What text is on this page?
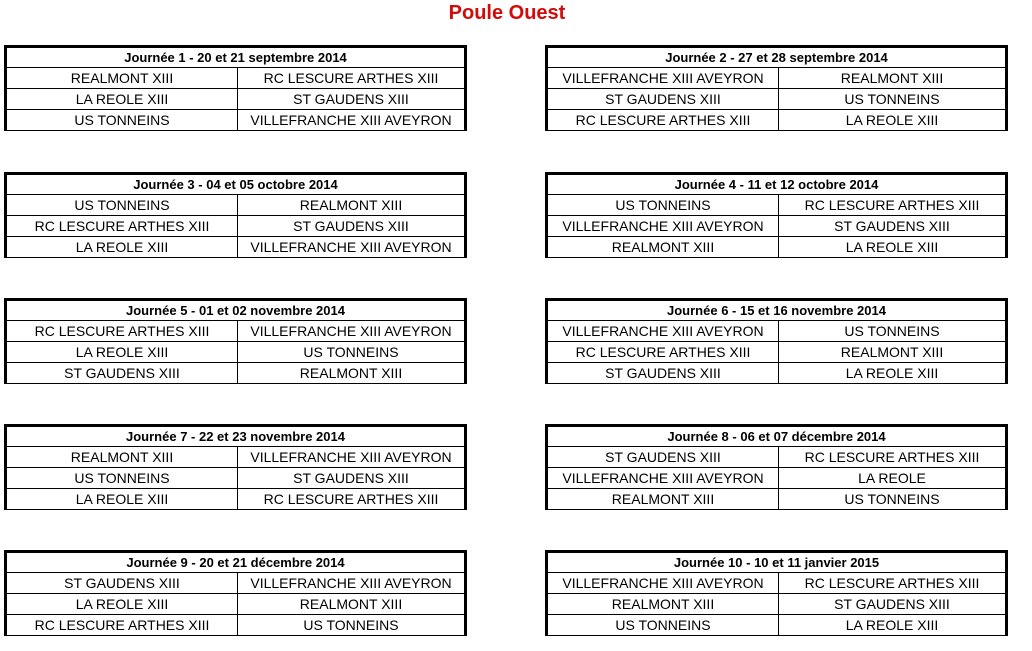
Poule Ouest
Journée 1 - 20 et 21 septembre 2014
REALMONT XIII	RC LESCURE ARTHES XIII
LA REOLE XIII	ST GAUDENS XIII
US TONNEINS	VILLEFRANCHE XIII AVEYRON
Journée 2 - 27 et 28 septembre 2014
VILLEFRANCHE XIII AVEYRON	REALMONT XIII
ST GAUDENS XIII	US TONNEINS
RC LESCURE ARTHES XIII	LA REOLE XIII
Journée 3 - 04 et 05 octobre 2014
US TONNEINS	REALMONT XIII
RC LESCURE ARTHES XIII	ST GAUDENS XIII
LA REOLE XIII	VILLEFRANCHE XIII AVEYRON
Journée 4 - 11 et 12 octobre 2014
US TONNEINS	RC LESCURE ARTHES XIII
VILLEFRANCHE XIII AVEYRON	ST GAUDENS XIII
REALMONT XIII	LA REOLE XIII
Journée 5 - 01 et 02 novembre 2014
RC LESCURE ARTHES XIII	VILLEFRANCHE XIII AVEYRON
LA REOLE XIII	US TONNEINS
ST GAUDENS XIII	REALMONT XIII
Journée 6 - 15 et 16 novembre 2014
VILLEFRANCHE XIII AVEYRON	US TONNEINS
RC LESCURE ARTHES XIII	REALMONT XIII
ST GAUDENS XIII	LA REOLE XIII
Journée 7 - 22 et 23 novembre 2014
REALMONT XIII	VILLEFRANCHE XIII AVEYRON
US TONNEINS	ST GAUDENS XIII
LA REOLE XIII	RC LESCURE ARTHES XIII
Journée 8 - 06 et 07 décembre 2014
ST GAUDENS XIII	RC LESCURE ARTHES XIII
VILLEFRANCHE XIII AVEYRON	LA REOLE
REALMONT XIII	US TONNEINS
Journée 9 - 20 et 21 décembre 2014
ST GAUDENS XIII	VILLEFRANCHE XIII AVEYRON
LA REOLE XIII	REALMONT XIII
RC LESCURE ARTHES XIII	US TONNEINS
Journée 10 - 10 et 11 janvier 2015
VILLEFRANCHE XIII AVEYRON	RC LESCURE ARTHES XIII
REALMONT XIII	ST GAUDENS XIII
US TONNEINS	LA REOLE XIII
